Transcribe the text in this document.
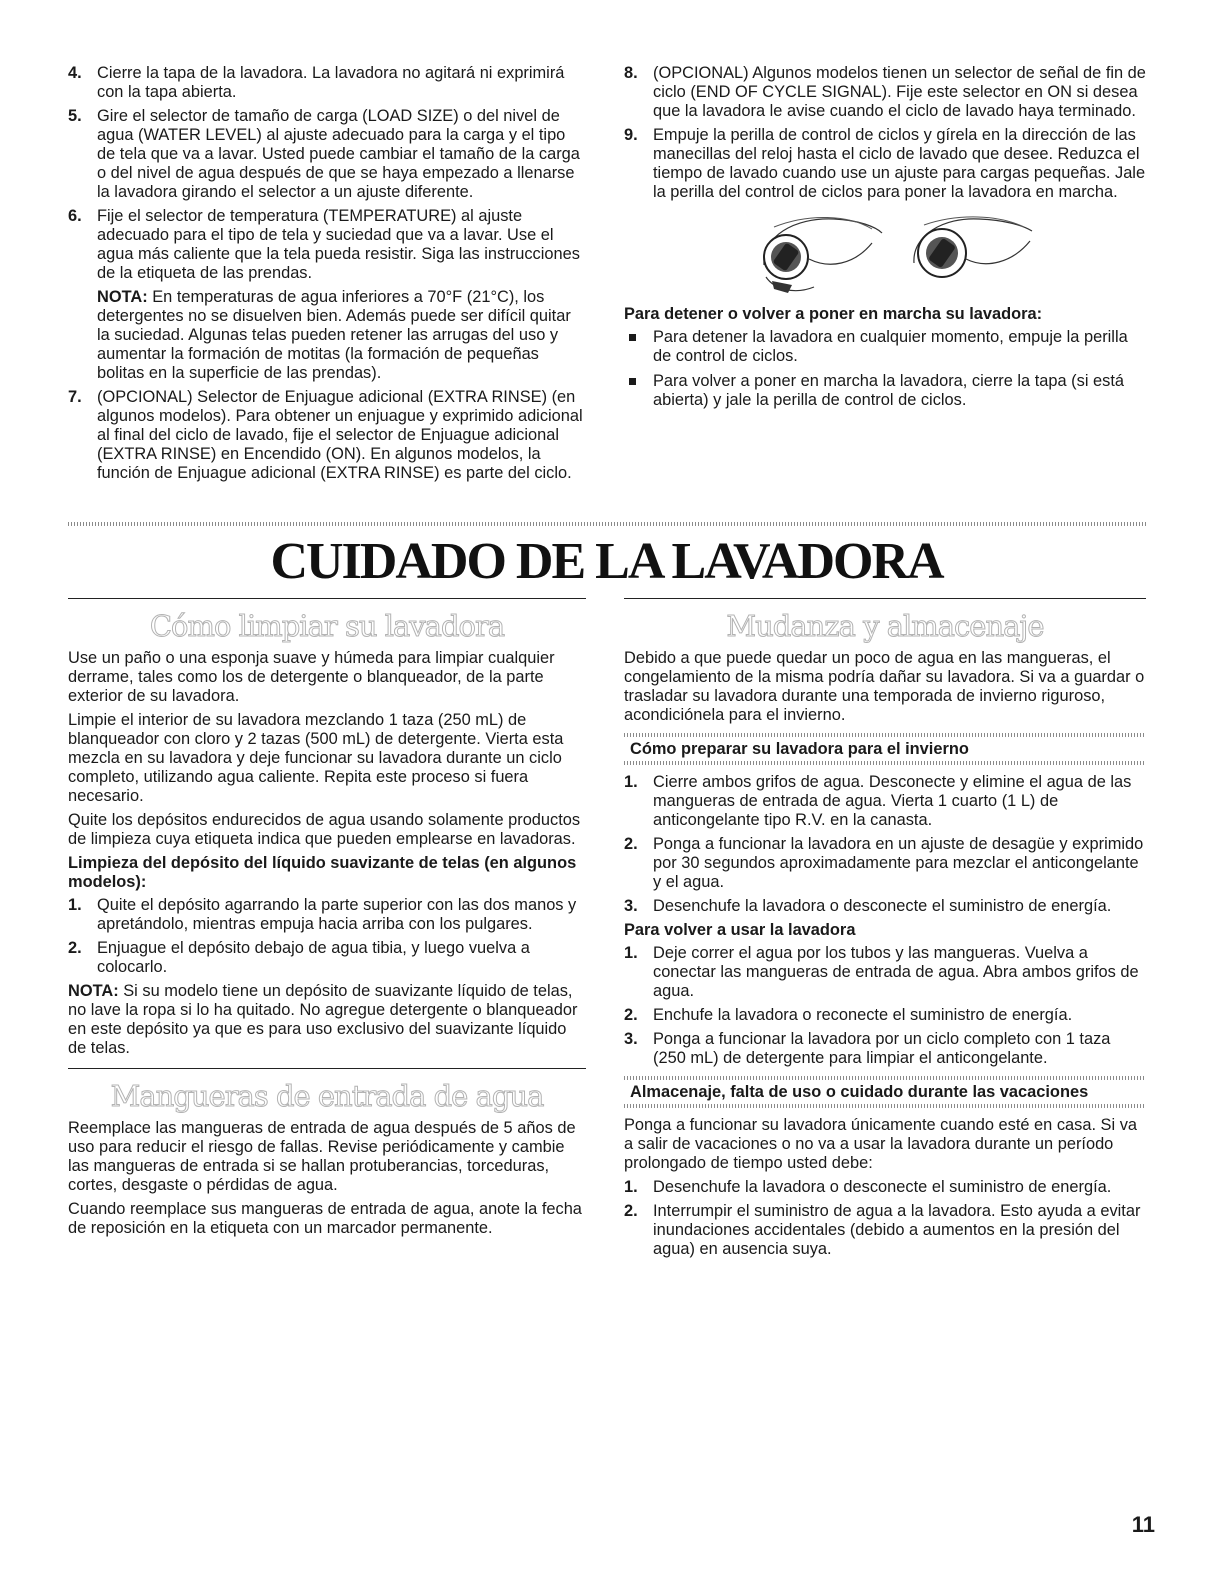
4. Cierre la tapa de la lavadora. La lavadora no agitará ni exprimirá con la tapa abierta.
5. Gire el selector de tamaño de carga (LOAD SIZE) o del nivel de agua (WATER LEVEL) al ajuste adecuado para la carga y el tipo de tela que va a lavar. Usted puede cambiar el tamaño de la carga o del nivel de agua después de que se haya empezado a llenarse la lavadora girando el selector a un ajuste diferente.
6. Fije el selector de temperatura (TEMPERATURE) al ajuste adecuado para el tipo de tela y suciedad que va a lavar. Use el agua más caliente que la tela pueda resistir. Siga las instrucciones de la etiqueta de las prendas.

NOTA: En temperaturas de agua inferiores a 70°F (21°C), los detergentes no se disuelven bien. Además puede ser difícil quitar la suciedad. Algunas telas pueden retener las arrugas del uso y aumentar la formación de motitas (la formación de pequeñas bolitas en la superficie de las prendas).

7. (OPCIONAL) Selector de Enjuague adicional (EXTRA RINSE) (en algunos modelos). Para obtener un enjuague y exprimido adicional al final del ciclo de lavado, fije el selector de Enjuague adicional (EXTRA RINSE) en Encendido (ON). En algunos modelos, la función de Enjuague adicional (EXTRA RINSE) es parte del ciclo.
8. (OPCIONAL) Algunos modelos tienen un selector de señal de fin de ciclo (END OF CYCLE SIGNAL). Fije este selector en ON si desea que la lavadora le avise cuando el ciclo de lavado haya terminado.
9. Empuje la perilla de control de ciclos y gírela en la dirección de las manecillas del reloj hasta el ciclo de lavado que desee. Reduzca el tiempo de lavado cuando use un ajuste para cargas pequeñas. Jale la perilla del control de ciclos para poner la lavadora en marcha.
Para detener o volver a poner en marcha su lavadora:
Para detener la lavadora en cualquier momento, empuje la perilla de control de ciclos.
Para volver a poner en marcha la lavadora, cierre la tapa (si está abierta) y jale la perilla de control de ciclos.
CUIDADO DE LA LAVADORA
Cómo limpiar su lavadora

Use un paño o una esponja suave y húmeda para limpiar cualquier derrame, tales como los de detergente o blanqueador, de la parte exterior de su lavadora.

Limpie el interior de su lavadora mezclando 1 taza (250 mL) de blanqueador con cloro y 2 tazas (500 mL) de detergente. Vierta esta mezcla en su lavadora y deje funcionar su lavadora durante un ciclo completo, utilizando agua caliente. Repita este proceso si fuera necesario.

Quite los depósitos endurecidos de agua usando solamente productos de limpieza cuya etiqueta indica que pueden emplearse en lavadoras.

Limpieza del depósito del líquido suavizante de telas (en algunos modelos):
1. Quite el depósito agarrando la parte superior con las dos manos y apretándolo, mientras empuja hacia arriba con los pulgares.
2. Enjuague el depósito debajo de agua tibia, y luego vuelva a colocarlo.

NOTA: Si su modelo tiene un depósito de suavizante líquido de telas, no lave la ropa si lo ha quitado. No agregue detergente o blanqueador en este depósito ya que es para uso exclusivo del suavizante líquido de telas.

Mangueras de entrada de agua

Reemplace las mangueras de entrada de agua después de 5 años de uso para reducir el riesgo de fallas. Revise periódicamente y cambie las mangueras de entrada si se hallan protuberancias, torceduras, cortes, desgaste o pérdidas de agua.

Cuando reemplace sus mangueras de entrada de agua, anote la fecha de reposición en la etiqueta con un marcador permanente.

Mudanza y almacenaje

Debido a que puede quedar un poco de agua en las mangueras, el congelamiento de la misma podría dañar su lavadora. Si va a guardar o trasladar su lavadora durante una temporada de invierno riguroso, acondiciónela para el invierno.

Cómo preparar su lavadora para el invierno
1. Cierre ambos grifos de agua. Desconecte y elimine el agua de las mangueras de entrada de agua. Vierta 1 cuarto (1 L) de anticongelante tipo R.V. en la canasta.
2. Ponga a funcionar la lavadora en un ajuste de desagüe y exprimido por 30 segundos aproximadamente para mezclar el anticongelante y el agua.
3. Desenchufe la lavadora o desconecte el suministro de energía.
Para volver a usar la lavadora
1. Deje correr el agua por los tubos y las mangueras. Vuelva a conectar las mangueras de entrada de agua. Abra ambos grifos de agua.
2. Enchufe la lavadora o reconecte el suministro de energía.
3. Ponga a funcionar la lavadora por un ciclo completo con 1 taza (250 mL) de detergente para limpiar el anticongelante.
Almacenaje, falta de uso o cuidado durante las vacaciones

Ponga a funcionar su lavadora únicamente cuando esté en casa. Si va a salir de vacaciones o no va a usar la lavadora durante un período prolongado de tiempo usted debe:

1. Desenchufe la lavadora o desconecte el suministro de energía.
2. Interrumpir el suministro de agua a la lavadora. Esto ayuda a evitar inundaciones accidentales (debido a aumentos en la presión del agua) en ausencia suya.
11
